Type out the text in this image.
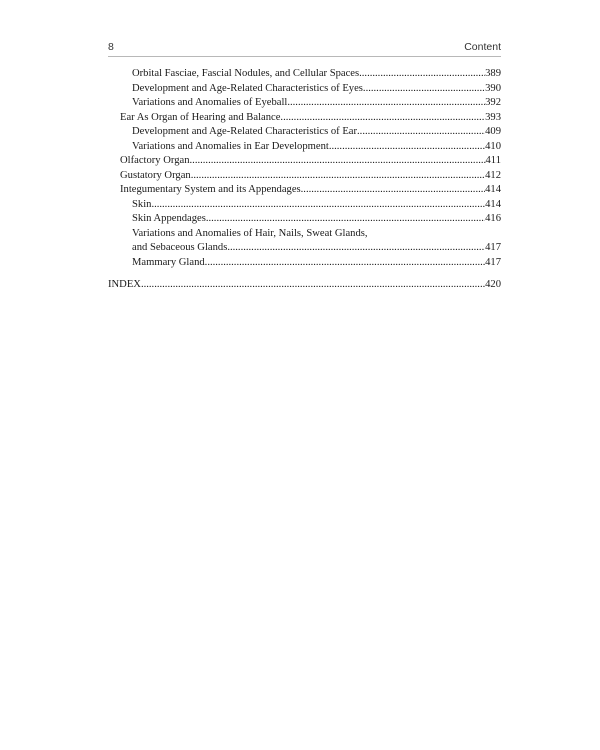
8	Content
Orbital Fasciae, Fascial Nodules, and Cellular Spaces .....	389
Development and Age-Related Characteristics of Eyes .....	390
Variations and Anomalies of Eyeball .....	392
Ear As Organ of Hearing and Balance .....	393
Development and Age-Related Characteristics of Ear .....	409
Variations and Anomalies in Ear Development .....	410
Olfactory Organ .....	411
Gustatory Organ .....	412
Integumentary System and its Appendages .....	414
Skin .....	414
Skin Appendages .....	416
Variations and Anomalies of Hair, Nails, Sweat Glands,
and Sebaceous Glands .....	417
Mammary Gland .....	417
INDEX .....	420
